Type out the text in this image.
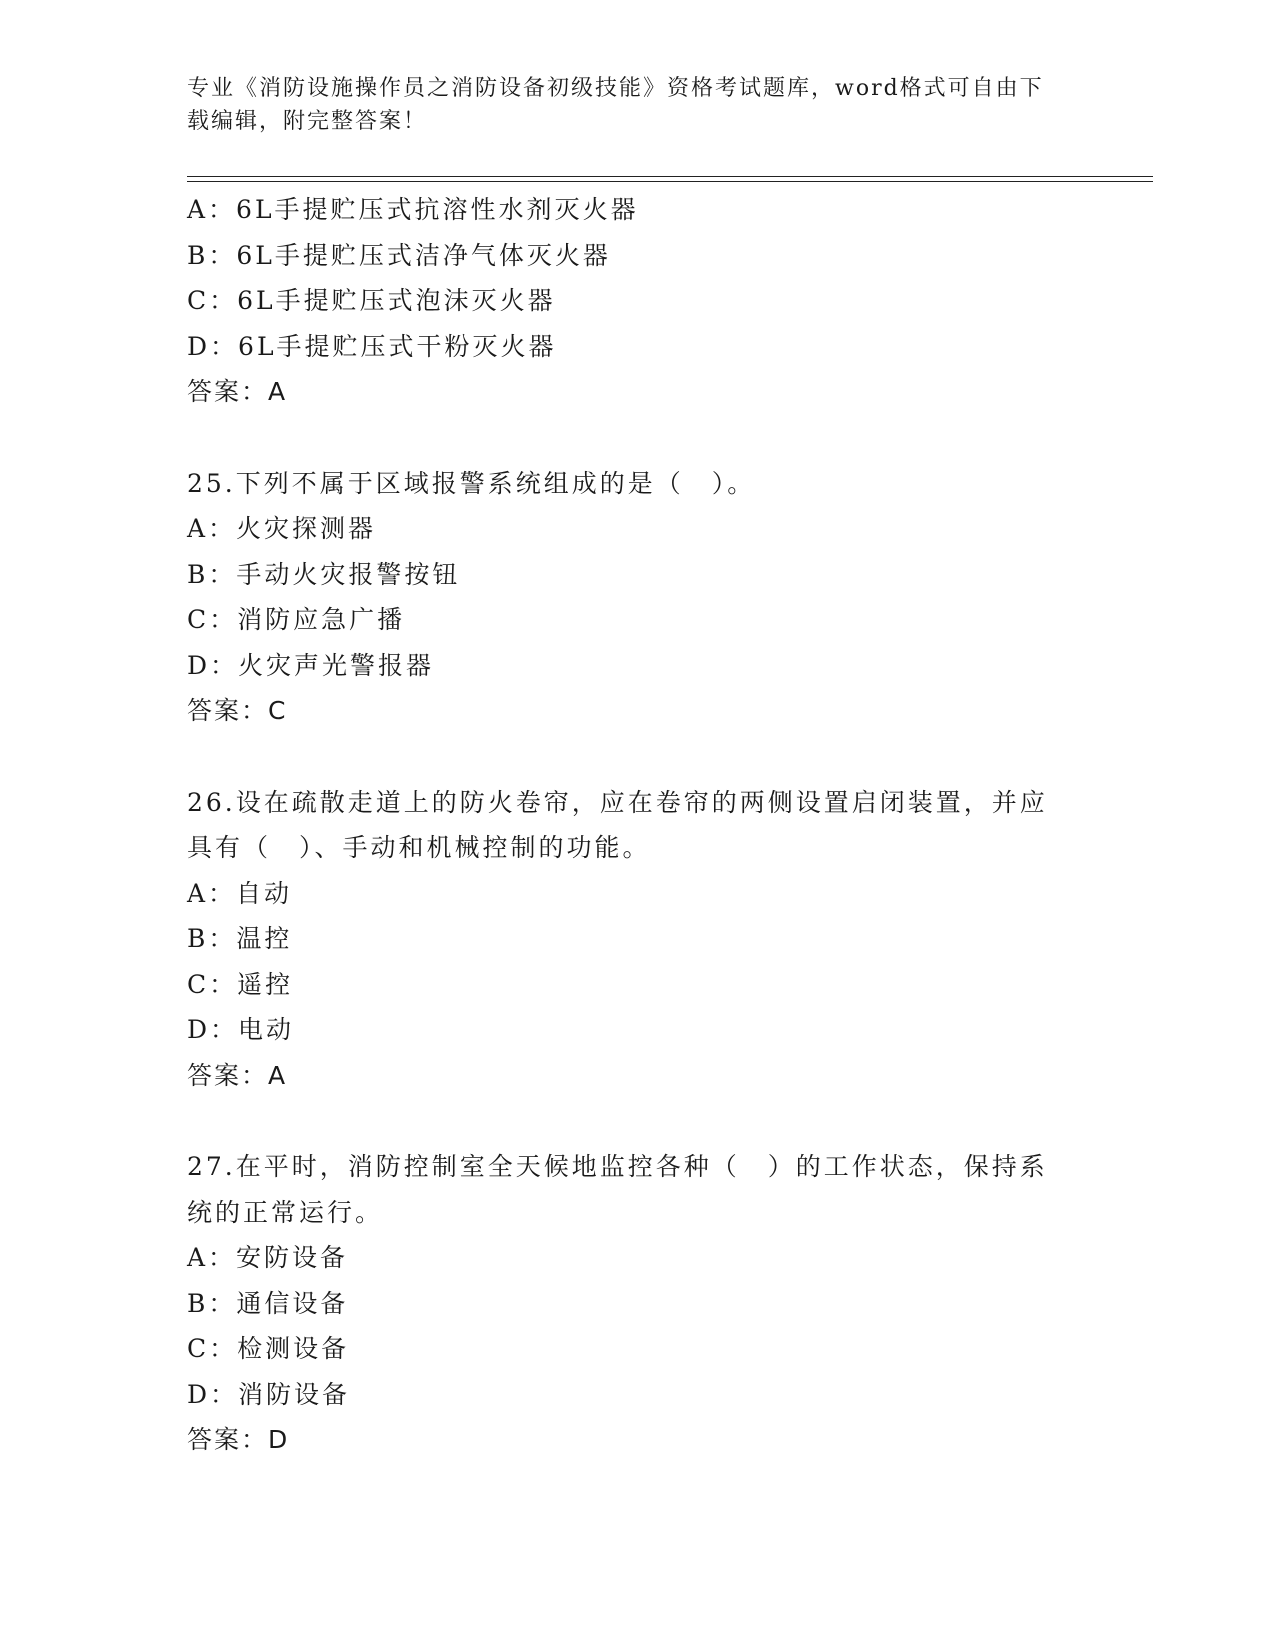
专业《消防设施操作员之消防设备初级技能》资格考试题库，word格式可自由下载编辑，附完整答案！
A：6L手提贮压式抗溶性水剂灭火器
B：6L手提贮压式洁净气体灭火器
C：6L手提贮压式泡沫灭火器
D：6L手提贮压式干粉灭火器
答案：A
25.下列不属于区域报警系统组成的是（　）。
A：火灾探测器
B：手动火灾报警按钮
C：消防应急广播
D：火灾声光警报器
答案：C
26.设在疏散走道上的防火卷帘，应在卷帘的两侧设置启闭装置，并应具有（　）、手动和机械控制的功能。
A：自动
B：温控
C：遥控
D：电动
答案：A
27.在平时，消防控制室全天候地监控各种（　）的工作状态，保持系统的正常运行。
A：安防设备
B：通信设备
C：检测设备
D：消防设备
答案：D
